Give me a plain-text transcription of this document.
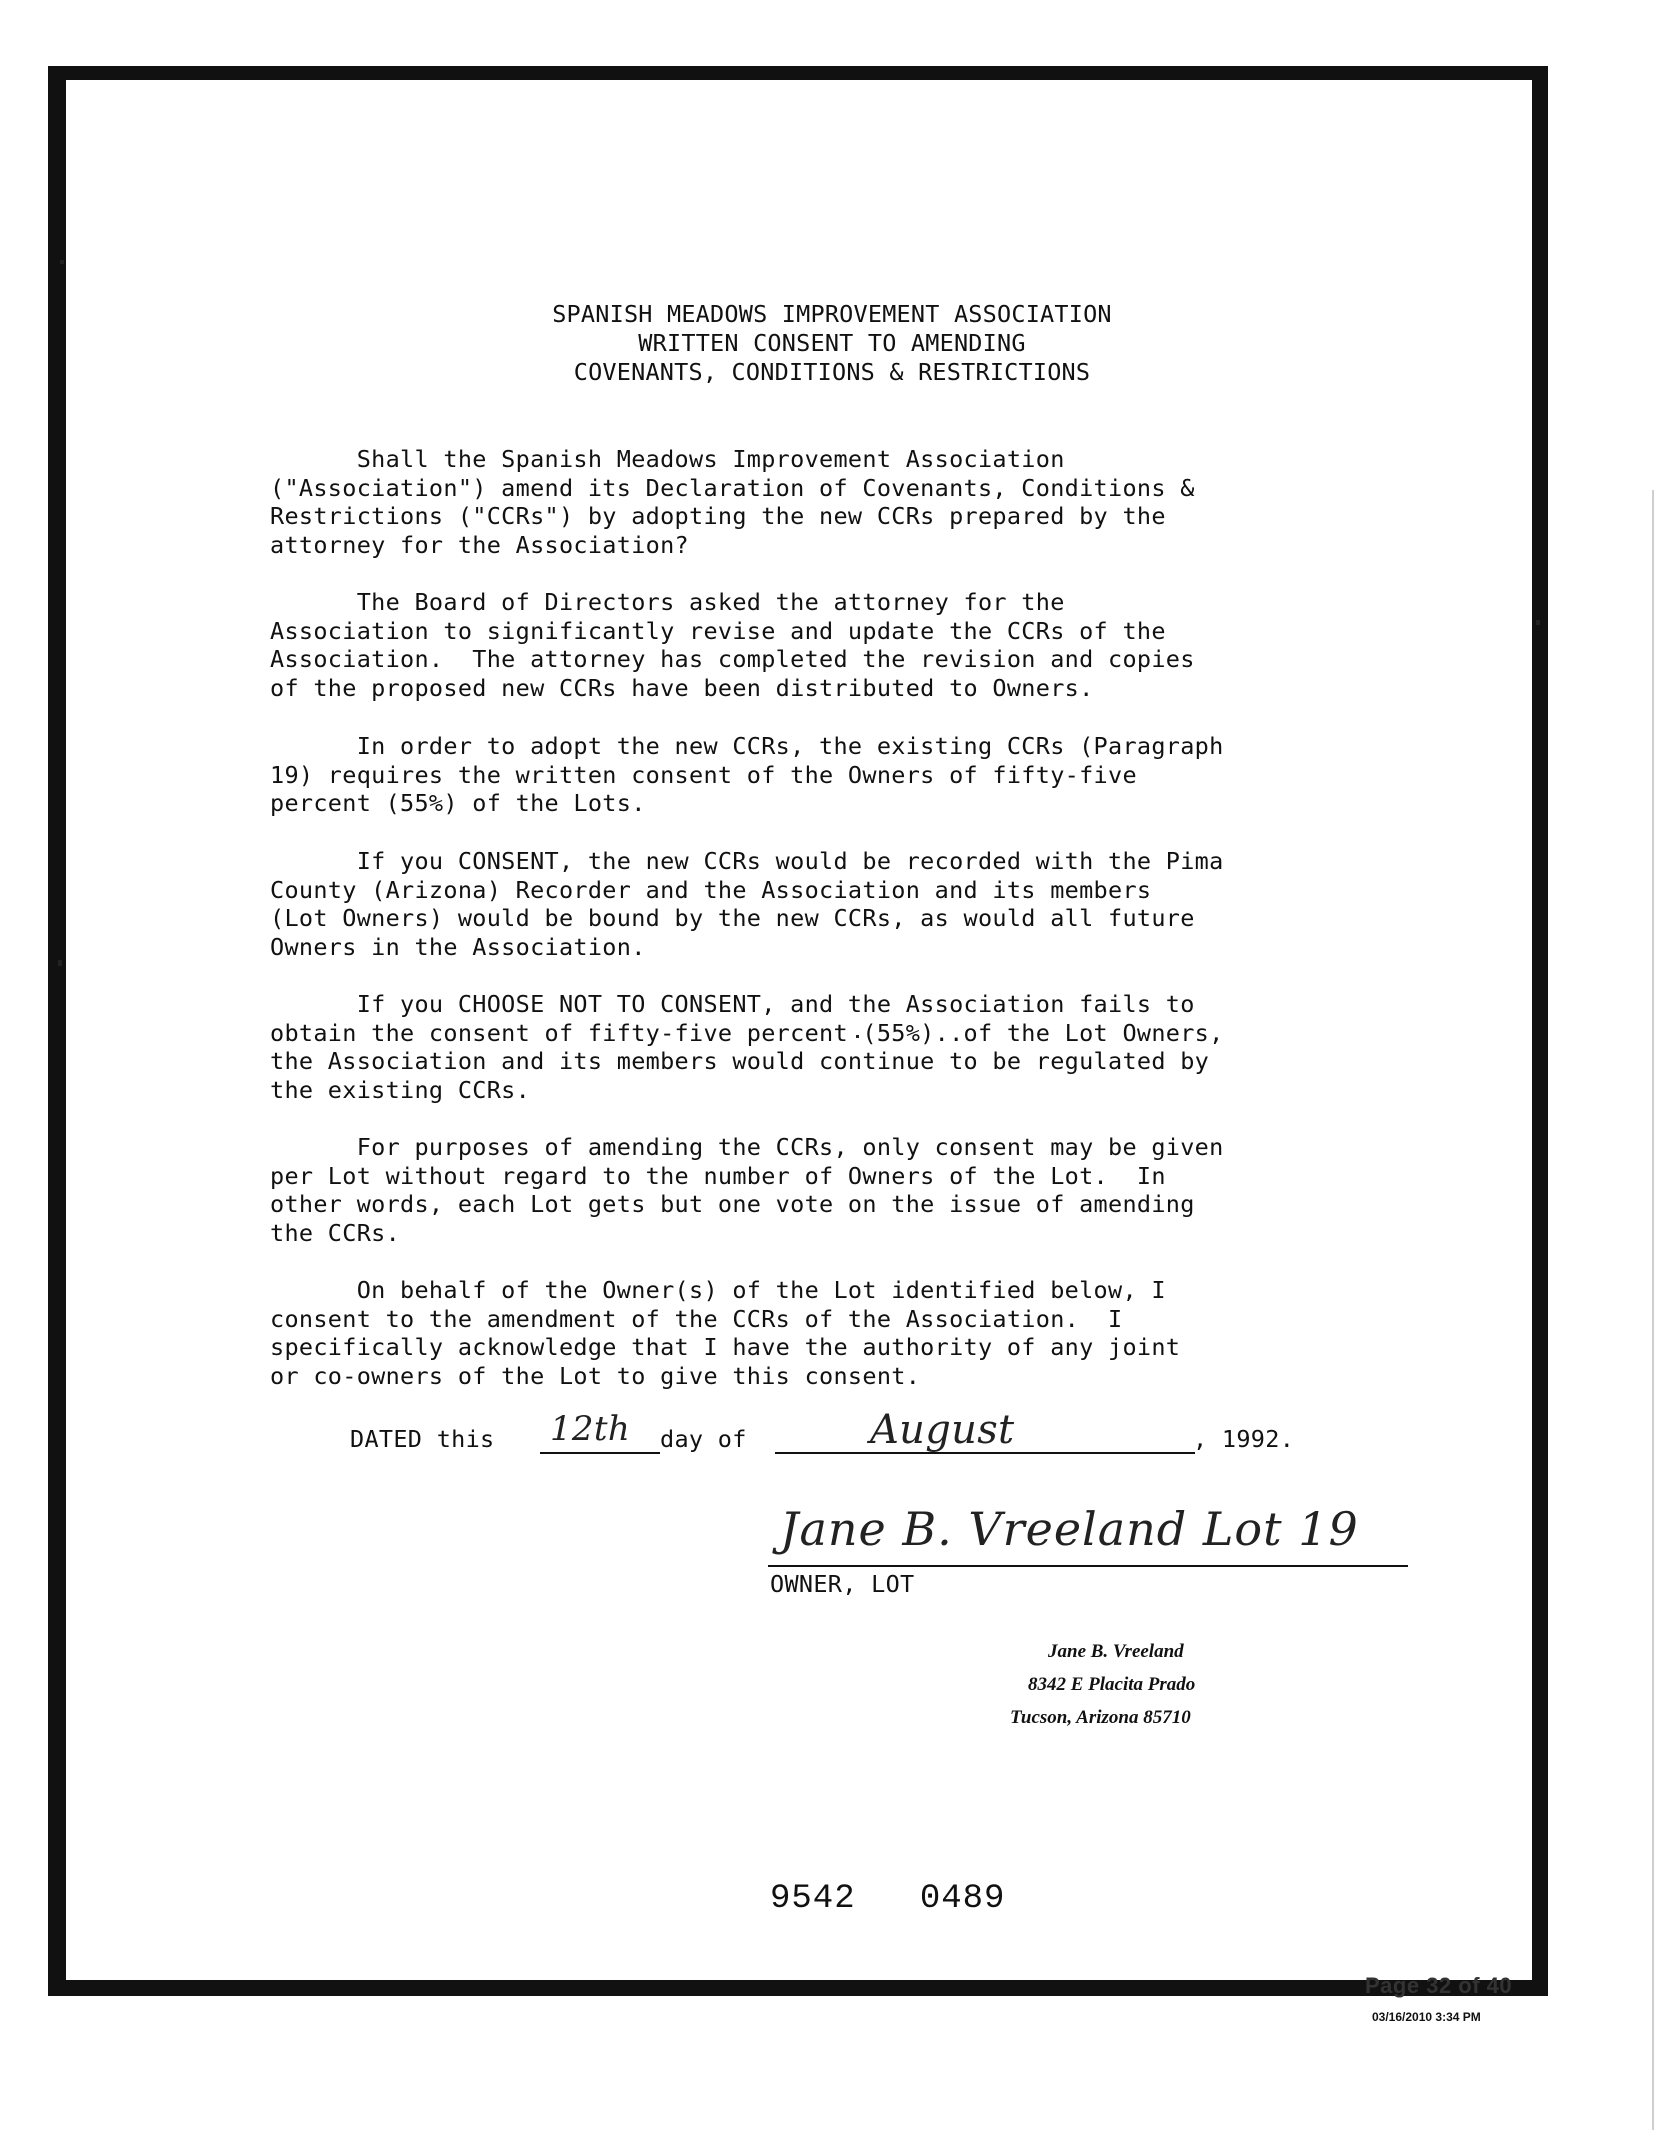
SPANISH MEADOWS IMPROVEMENT ASSOCIATION
WRITTEN CONSENT TO AMENDING
COVENANTS, CONDITIONS & RESTRICTIONS
Shall the Spanish Meadows Improvement Association
("Association") amend its Declaration of Covenants, Conditions &
Restrictions ("CCRs") by adopting the new CCRs prepared by the
attorney for the Association?
The Board of Directors asked the attorney for the
Association to significantly revise and update the CCRs of the
Association.  The attorney has completed the revision and copies
of the proposed new CCRs have been distributed to Owners.
In order to adopt the new CCRs, the existing CCRs (Paragraph
19) requires the written consent of the Owners of fifty-five
percent (55%) of the Lots.
If you CONSENT, the new CCRs would be recorded with the Pima
County (Arizona) Recorder and the Association and its members
(Lot Owners) would be bound by the new CCRs, as would all future
Owners in the Association.
If you CHOOSE NOT TO CONSENT, and the Association fails to
obtain the consent of fifty-five percent (55%)..of the Lot Owners,
the Association and its members would continue to be regulated by
the existing CCRs.
For purposes of amending the CCRs, only consent may be given
per Lot without regard to the number of Owners of the Lot.  In
other words, each Lot gets but one vote on the issue of amending
the CCRs.
On behalf of the Owner(s) of the Lot identified below, I
consent to the amendment of the CCRs of the Association.  I
specifically acknowledge that I have the authority of any joint
or co-owners of the Lot to give this consent.
DATED this 12th day of	August	, 1992.
Jane B. Vreeland Lot 19
OWNER, LOT
Jane B. Vreeland
8342 E Placita Prado
Tucson, Arizona 85710
9542   0489
Page 32 of 40
03/16/2010 3:34 PM
